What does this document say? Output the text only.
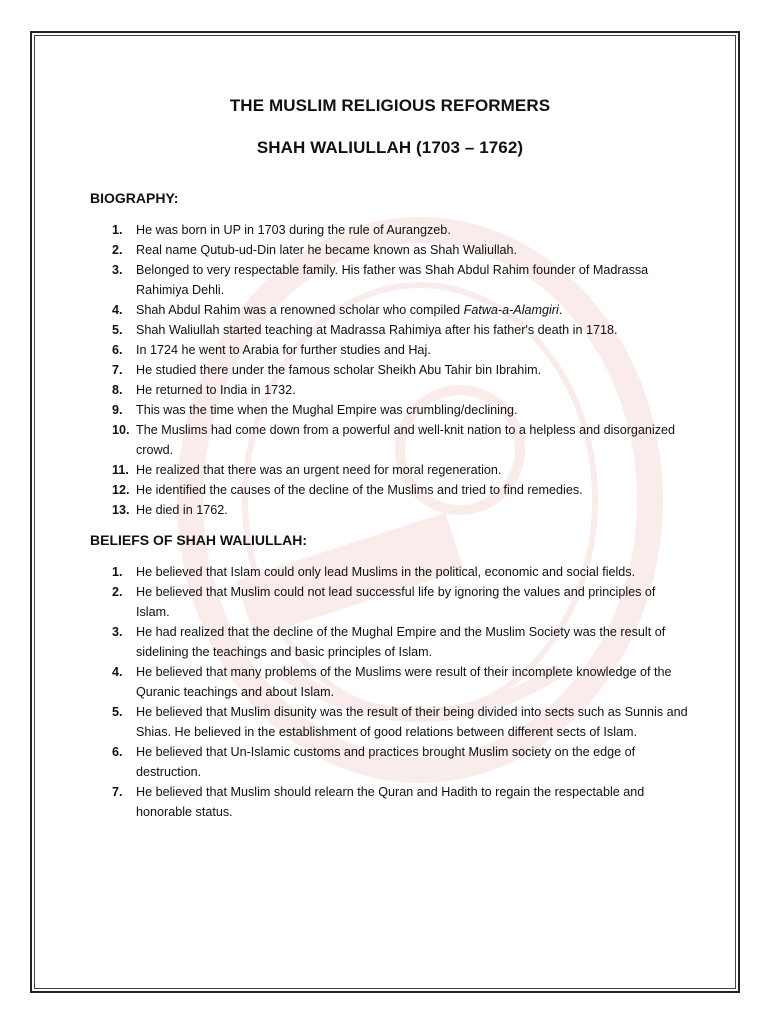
THE MUSLIM RELIGIOUS REFORMERS
SHAH WALIULLAH (1703 – 1762)
BIOGRAPHY:
1. He was born in UP in 1703 during the rule of Aurangzeb.
2. Real name Qutub-ud-Din later he became known as Shah Waliullah.
3. Belonged to very respectable family. His father was Shah Abdul Rahim founder of Madrassa Rahimiya Dehli.
4. Shah Abdul Rahim was a renowned scholar who compiled Fatwa-a-Alamgiri.
5. Shah Waliullah started teaching at Madrassa Rahimiya after his father's death in 1718.
6. In 1724 he went to Arabia for further studies and Haj.
7. He studied there under the famous scholar Sheikh Abu Tahir bin Ibrahim.
8. He returned to India in 1732.
9. This was the time when the Mughal Empire was crumbling/declining.
10. The Muslims had come down from a powerful and well-knit nation to a helpless and disorganized crowd.
11. He realized that there was an urgent need for moral regeneration.
12. He identified the causes of the decline of the Muslims and tried to find remedies.
13. He died in 1762.
BELIEFS OF SHAH WALIULLAH:
1. He believed that Islam could only lead Muslims in the political, economic and social fields.
2. He believed that Muslim could not lead successful life by ignoring the values and principles of Islam.
3. He had realized that the decline of the Mughal Empire and the Muslim Society was the result of sidelining the teachings and basic principles of Islam.
4. He believed that many problems of the Muslims were result of their incomplete knowledge of the Quranic teachings and about Islam.
5. He believed that Muslim disunity was the result of their being divided into sects such as Sunnis and Shias. He believed in the establishment of good relations between different sects of Islam.
6. He believed that Un-Islamic customs and practices brought Muslim society on the edge of destruction.
7. He believed that Muslim should relearn the Quran and Hadith to regain the respectable and honorable status.
